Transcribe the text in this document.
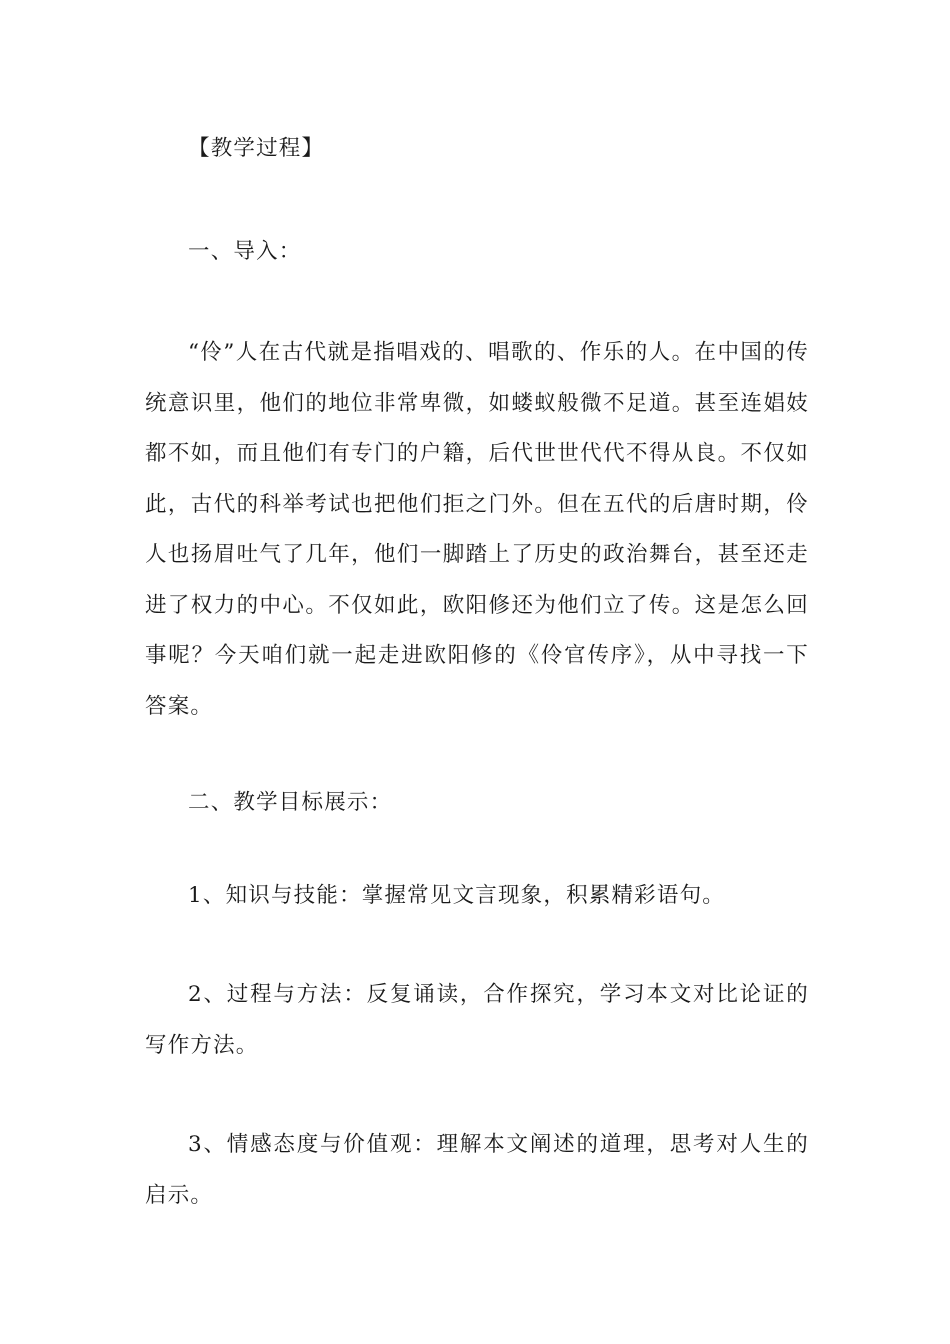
【教学过程】

一、导入：

“伶”人在古代就是指唱戏的、唱歌的、作乐的人。在中国的传统意识里，他们的地位非常卑微，如蝼蚁般微不足道。甚至连娼妓都不如，而且他们有专门的户籍，后代世世代代不得从良。不仅如此，古代的科举考试也把他们拒之门外。但在五代的后唐时期，伶人也扬眉吐气了几年，他们一脚踏上了历史的政治舞台，甚至还走进了权力的中心。不仅如此，欧阳修还为他们立了传。这是怎么回事呢？今天咱们就一起走进欧阳修的《伶官传序》，从中寻找一下答案。

二、教学目标展示：

1、知识与技能：掌握常见文言现象，积累精彩语句。

2、过程与方法：反复诵读，合作探究，学习本文对比论证的写作方法。

3、情感态度与价值观：理解本文阐述的道理，思考对人生的启示。
